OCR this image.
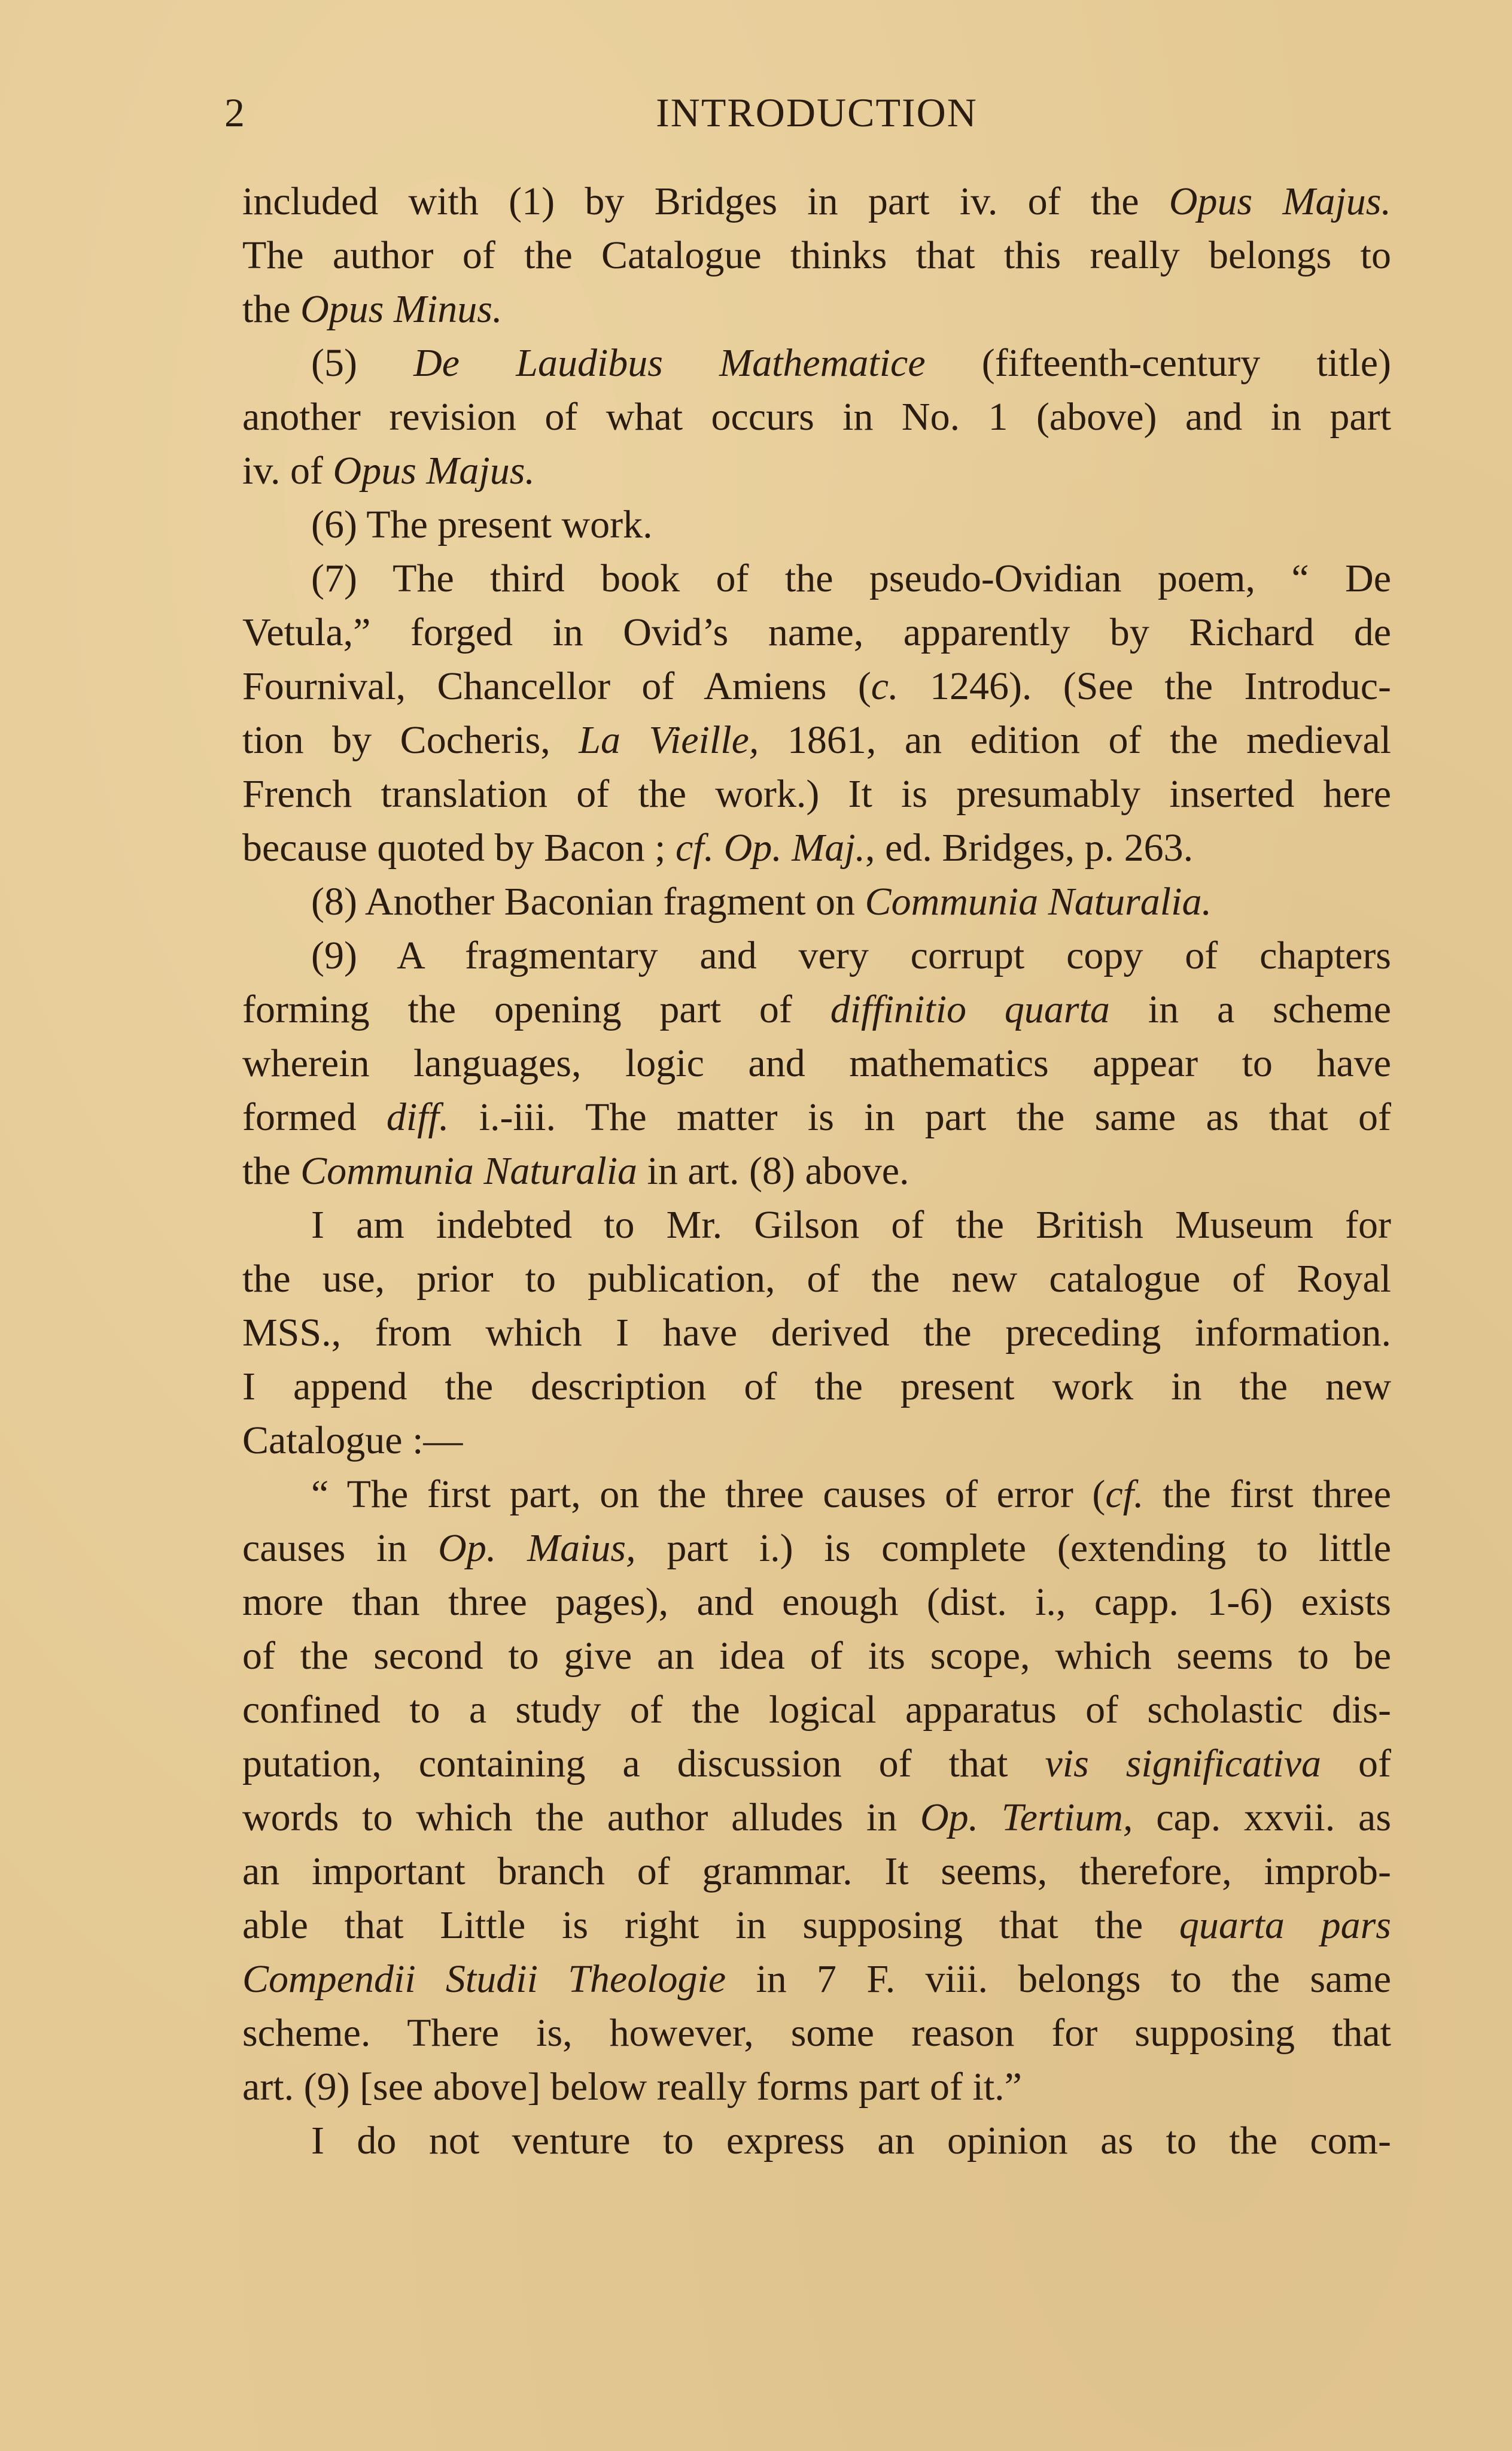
2	INTRODUCTION
included with (1) by Bridges in part iv. of the Opus Majus.
The author of the Catalogue thinks that this really belongs to
the Opus Minus.
(5) De Laudibus Mathematice (fifteenth-century title)
another revision of what occurs in No. 1 (above) and in part
iv. of Opus Majus.
(6) The present work.
(7) The third book of the pseudo-Ovidian poem, “ De
Vetula,” forged in Ovid’s name, apparently by Richard de
Fournival, Chancellor of Amiens (c. 1246). (See the Introduc-
tion by Cocheris, La Vieille, 1861, an edition of the medieval
French translation of the work.) It is presumably inserted here
because quoted by Bacon ; cf. Op. Maj., ed. Bridges, p. 263.
(8) Another Baconian fragment on Communia Naturalia.
(9) A fragmentary and very corrupt copy of chapters
forming the opening part of diffinitio quarta in a scheme
wherein languages, logic and mathematics appear to have
formed diff. i.-iii. The matter is in part the same as that of
the Communia Naturalia in art. (8) above.
I am indebted to Mr. Gilson of the British Museum for
the use, prior to publication, of the new catalogue of Royal
MSS., from which I have derived the preceding information.
I append the description of the present work in the new
Catalogue :—
“ The first part, on the three causes of error (cf. the first three
causes in Op. Maius, part i.) is complete (extending to little
more than three pages), and enough (dist. i., capp. 1-6) exists
of the second to give an idea of its scope, which seems to be
confined to a study of the logical apparatus of scholastic dis-
putation, containing a discussion of that vis significativa of
words to which the author alludes in Op. Tertium, cap. xxvii. as
an important branch of grammar. It seems, therefore, improb-
able that Little is right in supposing that the quarta pars
Compendii Studii Theologie in 7 F. viii. belongs to the same
scheme. There is, however, some reason for supposing that
art. (9) [see above] below really forms part of it.”
I do not venture to express an opinion as to the com-
